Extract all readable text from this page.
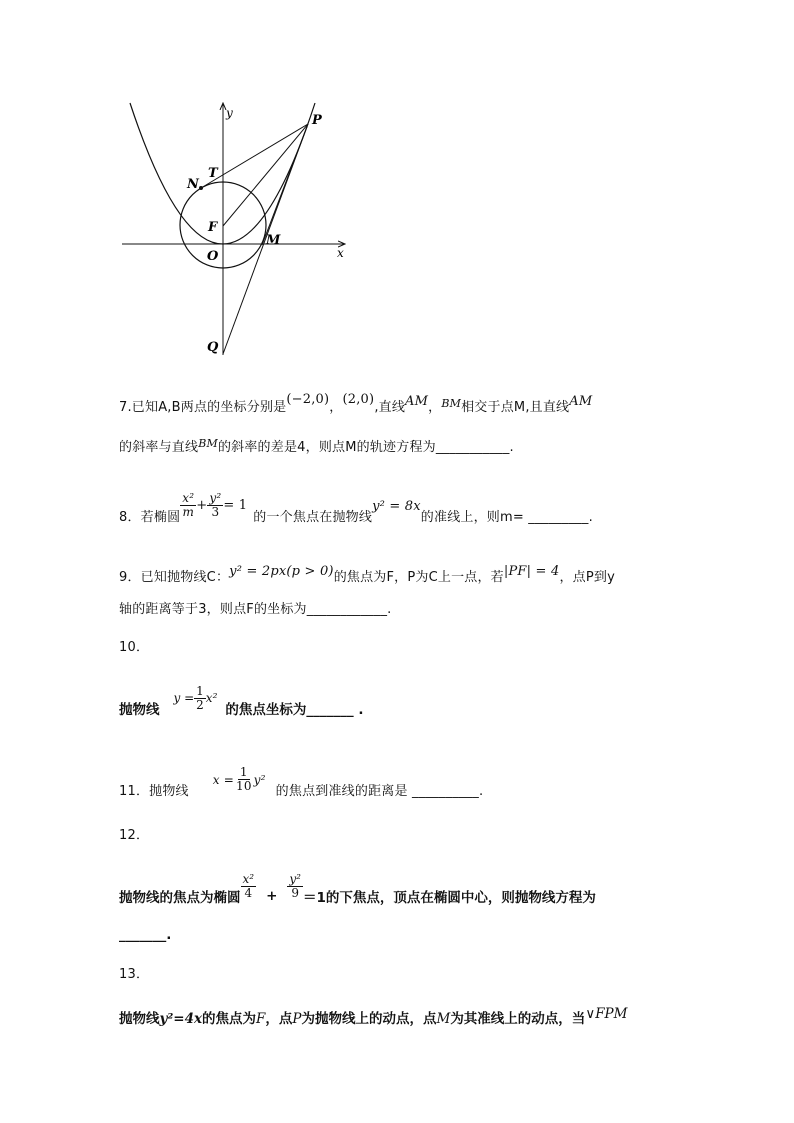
y
x
P
T
N
F
M
O
Q
7.已知A,B两点的坐标分别是(−2,0)，(2,0),直线AM，$^{BM}$相交于点M,且直线AM
的斜率与直线$^{BM}$的斜率的差是4，则点M的轨迹方程为___________.
8．若椭圆 $\frac{\text{x²}}{m} + \frac{\text{y²}}{3} = 1$
的一个焦点在抛物线
y² = 8x
的准线上，则m= _________.
9．已知抛物线C：y² = 2px(p > 0)的焦点为F，P为C上一点，若|PF| = 4，点P到y
轴的距离等于3，则点F的坐标为____________.
10．
抛物线
$y = \frac{1}{2} x^2$
的焦点坐标为_______ .
11．抛物线
$x = \frac{1}{10} y^2$
的焦点到准线的距离是 __________.
12．
抛物线的焦点为椭圆 $\frac{\text{x²}}{4} + \frac{\text{y²}}{9} =1$的下焦点，顶点在椭圆中心，则抛物线方程为
_______.
13．
抛物线y²=4x的焦点为F，点P为抛物线上的动点，点M为其准线上的动点，当∨FPM
